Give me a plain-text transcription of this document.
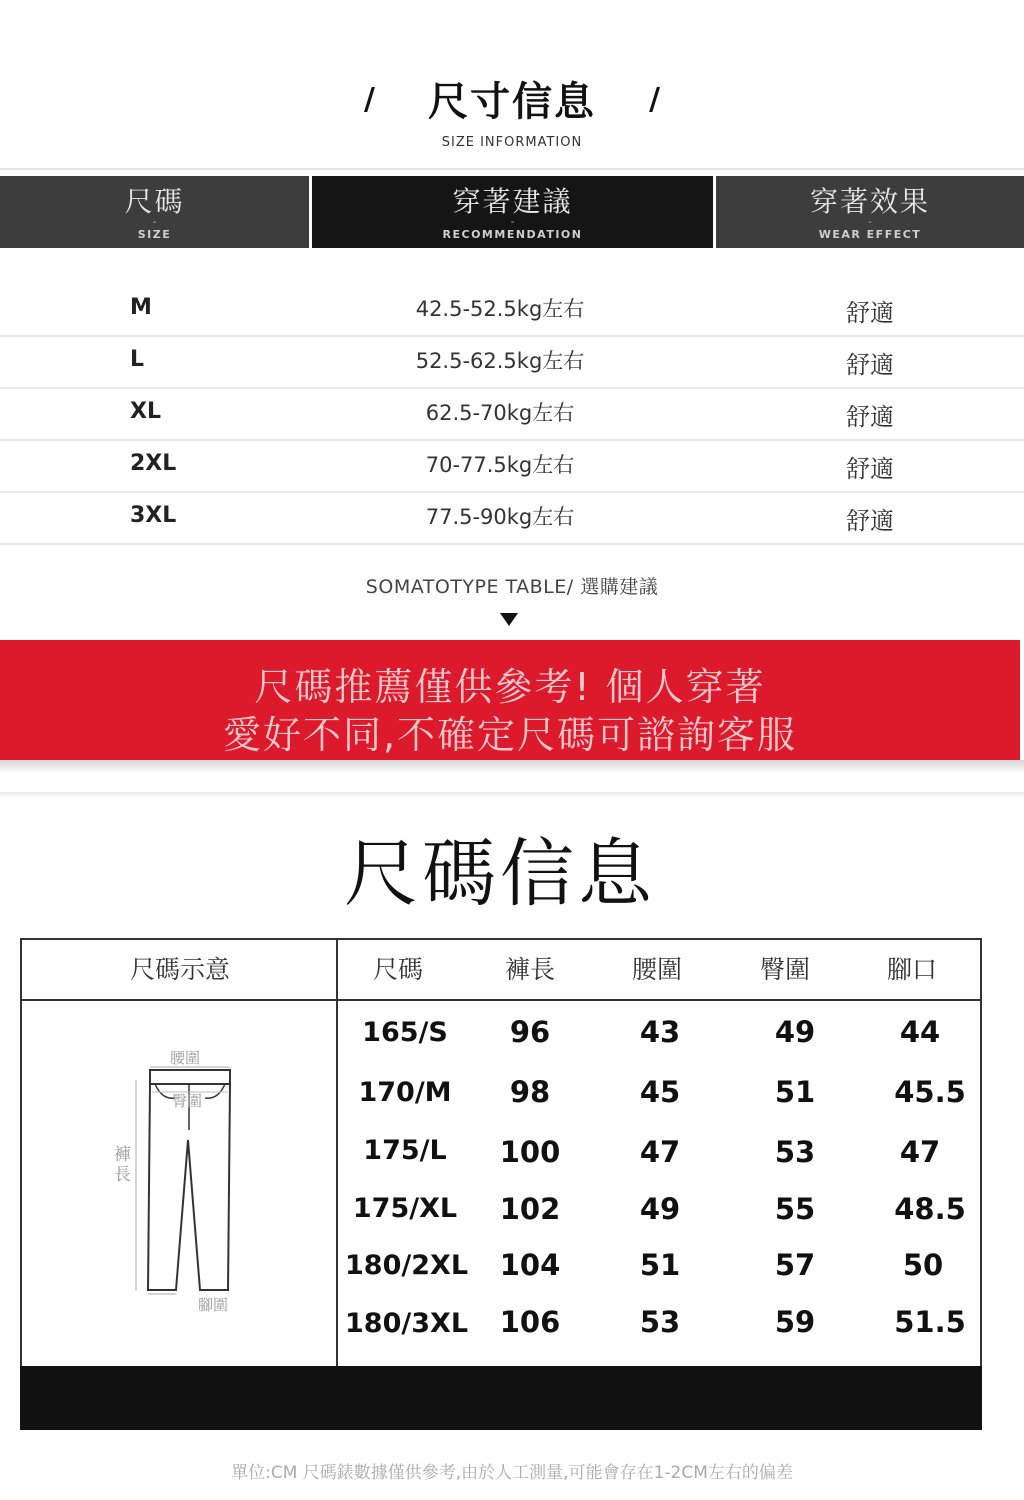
/ 尺寸信息 /
SIZE INFORMATION
尺碼
-
SIZE
穿著建議
-
RECOMMENDATION
穿著效果
-
WEAR EFFECT
M	42.5-52.5kg左右	舒適
L	52.5-62.5kg左右	舒適
XL	62.5-70kg左右	舒適
2XL	70-77.5kg左右	舒適
3XL	77.5-90kg左右	舒適
SOMATOTYPE TABLE/ 選購建議
尺碼推薦僅供參考! 個人穿著
愛好不同,不確定尺碼可諮詢客服
尺碼信息
尺碼示意	尺碼	褲長	腰圍	臀圍	腳口
腰圍
臀圍
褲長
腳圍
165/S	96	43	49	44
170/M	98	45	51	45.5
175/L	100	47	53	47
175/XL	102	49	55	48.5
180/2XL	104	51	57	50
180/3XL	106	53	59	51.5
單位:CM 尺碼錶數據僅供參考,由於人工測量,可能會存在1-2CM左右的偏差
